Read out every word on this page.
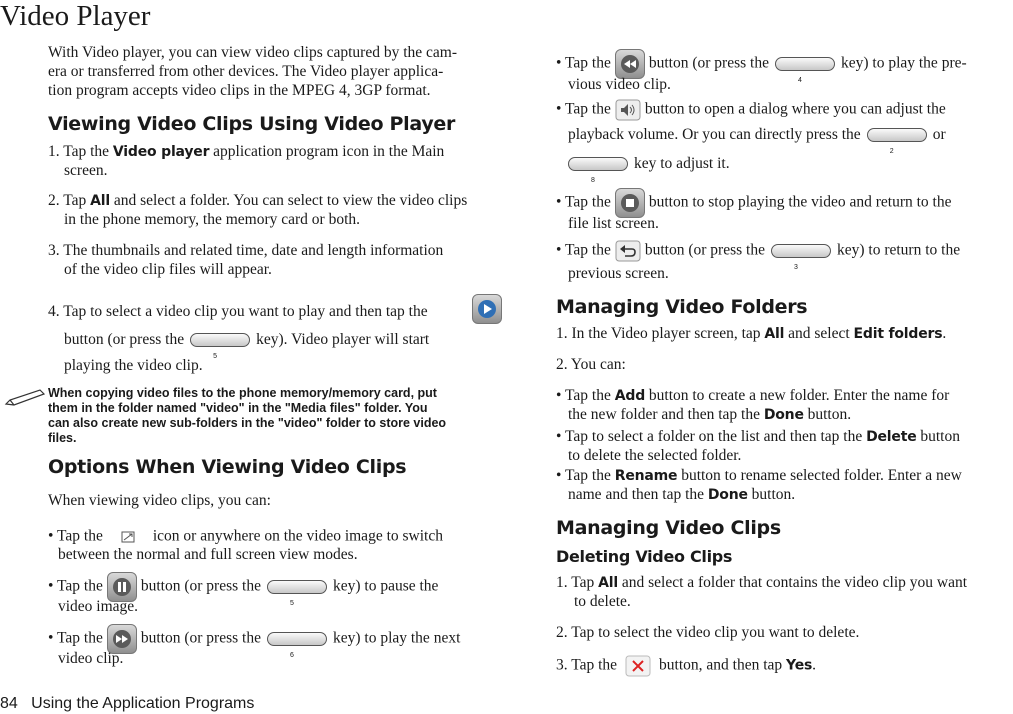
Video Player
With Video player, you can view video clips captured by the cam-
era or transferred from other devices. The Video player applica-
tion program accepts video clips in the MPEG 4, 3GP format.
Viewing Video Clips Using Video Player
1. Tap the Video player application program icon in the Main
screen.
2. Tap All and select a folder. You can select to view the video clips
in the phone memory, the memory card or both.
3. The thumbnails and related time, date and length information
of the video clip files will appear.
4. Tap to select a video clip you want to play and then tap the
button (or press the
5
key). Video player will start
playing the video clip.
When copying video files to the phone memory/memory card, put
them in the folder named "video" in the "Media files" folder. You
can also create new sub-folders in the "video" folder to store video
files.
Options When Viewing Video Clips
When viewing video clips, you can:
• Tap the	icon or anywhere on the video image to switch
between the normal and full screen view modes.
• Tap the button (or press the
5
key) to pause the
video image.
• Tap the button (or press the
6
key) to play the next
video clip.
• Tap the button (or press the
4
key) to play the pre-
vious video clip.
• Tap the button to open a dialog where you can adjust the
playback volume. Or you can directly press the
2
or
8
key to adjust it.
• Tap the button to stop playing the video and return to the
file list screen.
• Tap the button (or press the
3
key) to return to the
previous screen.
Managing Video Folders
1. In the Video player screen, tap All and select Edit folders.
2. You can:
• Tap the Add button to create a new folder. Enter the name for
the new folder and then tap the Done button.
• Tap to select a folder on the list and then tap the Delete button
to delete the selected folder.
• Tap the Rename button to rename selected folder. Enter a new
name and then tap the Done button.
Managing Video Clips
Deleting Video Clips
1. Tap All and select a folder that contains the video clip you want
to delete.
2. Tap to select the video clip you want to delete.
3. Tap the	button, and then tap Yes.
84 Using the Application Programs
